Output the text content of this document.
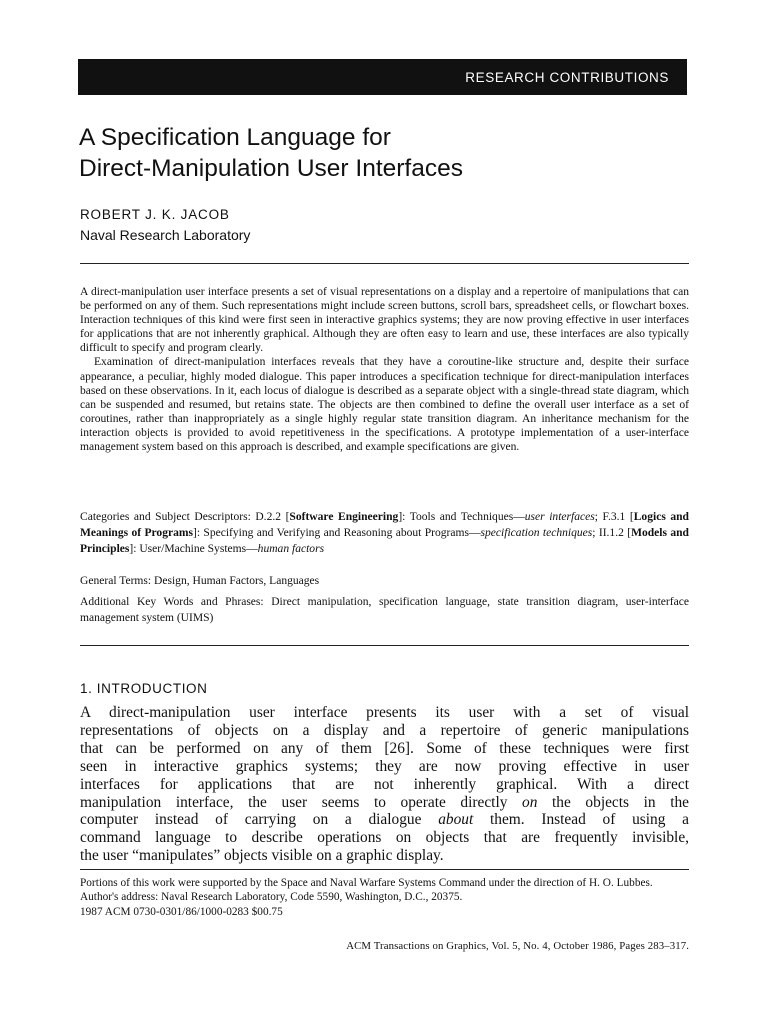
RESEARCH CONTRIBUTIONS
A Specification Language for
Direct-Manipulation User Interfaces
ROBERT J. K. JACOB
Naval Research Laboratory

A direct-manipulation user interface presents a set of visual representations on a display and a repertoire of manipulations that can be performed on any of them. Such representations might include screen buttons, scroll bars, spreadsheet cells, or flowchart boxes. Interaction techniques of this kind were first seen in interactive graphics systems; they are now proving effective in user interfaces for applications that are not inherently graphical. Although they are often easy to learn and use, these interfaces are also typically difficult to specify and program clearly.

Examination of direct-manipulation interfaces reveals that they have a coroutine-like structure and, despite their surface appearance, a peculiar, highly moded dialogue. This paper introduces a specification technique for direct-manipulation interfaces based on these observations. In it, each locus of dialogue is described as a separate object with a single-thread state diagram, which can be suspended and resumed, but retains state. The objects are then combined to define the overall user interface as a set of coroutines, rather than inappropriately as a single highly regular state transition diagram. An inheritance mechanism for the interaction objects is provided to avoid repetitiveness in the specifications. A prototype implementation of a user-interface management system based on this approach is described, and example specifications are given.

Categories and Subject Descriptors: D.2.2 [Software Engineering]: Tools and Techniques—user interfaces; F.3.1 [Logics and Meanings of Programs]: Specifying and Verifying and Reasoning about Programs—specification techniques; II.1.2 [Models and Principles]: User/Machine Systems—human factors

General Terms: Design, Human Factors, Languages
Additional Key Words and Phrases: Direct manipulation, specification language, state transition diagram, user-interface management system (UIMS)
1. INTRODUCTION
A direct-manipulation user interface presents its user with a set of visual
representations of objects on a display and a repertoire of generic manipulations
that can be performed on any of them [26]. Some of these techniques were first
seen in interactive graphics systems; they are now proving effective in user
interfaces for applications that are not inherently graphical. With a direct
manipulation interface, the user seems to operate directly on the objects in the
computer instead of carrying on a dialogue about them. Instead of using a
command language to describe operations on objects that are frequently invisible,
the user “manipulates” objects visible on a graphic display.

Portions of this work were supported by the Space and Naval Warfare Systems Command under the direction of H. O. Lubbes.

Author's address: Naval Research Laboratory, Code 5590, Washington, D.C., 20375.

1987 ACM 0730-0301/86/1000-0283 $00.75

ACM Transactions on Graphics, Vol. 5, No. 4, October 1986, Pages 283–317.
